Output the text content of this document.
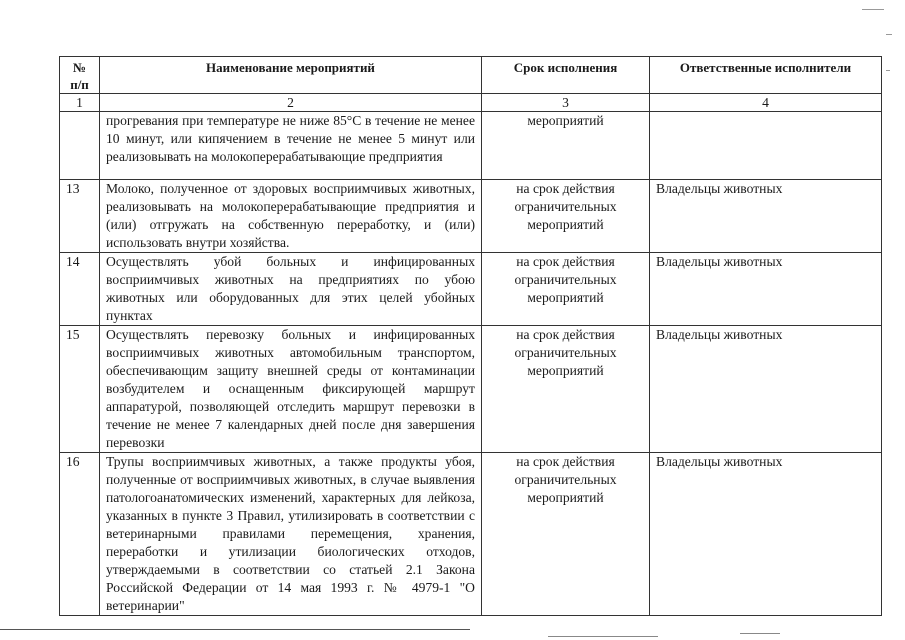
№ п/п	Наименование мероприятий	Срок исполнения	Ответственные исполнители
1	2	3	4
	прогревания при температуре не ниже 85°С в течение не менее 10 минут, или кипячением в течение не менее 5 минут или реализовывать на молокоперерабатывающие предприятия	мероприятий	
13	Молоко, полученное от здоровых восприимчивых животных, реализовывать на молокоперерабатывающие предприятия и (или) отгружать на собственную переработку, и (или) использовать внутри хозяйства.	на срок действия ограничительных мероприятий	Владельцы животных
14	Осуществлять убой больных и инфицированных восприимчивых животных на предприятиях по убою животных или оборудованных для этих целей убойных пунктах	на срок действия ограничительных мероприятий	Владельцы животных
15	Осуществлять перевозку больных и инфицированных восприимчивых животных автомобильным транспортом, обеспечивающим защиту внешней среды от контаминации возбудителем и оснащенным фиксирующей маршрут аппаратурой, позволяющей отследить маршрут перевозки в течение не менее 7 календарных дней после дня завершения перевозки	на срок действия ограничительных мероприятий	Владельцы животных
16	Трупы восприимчивых животных, а также продукты убоя, полученные от восприимчивых животных, в случае выявления патологоанатомических изменений, характерных для лейкоза, указанных в пункте 3 Правил, утилизировать в соответствии с ветеринарными правилами перемещения, хранения, переработки и утилизации биологических отходов, утверждаемыми в соответствии со статьей 2.1 Закона Российской Федерации от 14 мая 1993 г. № 4979-1 "О ветеринарии"	на срок действия ограничительных мероприятий	Владельцы животных
